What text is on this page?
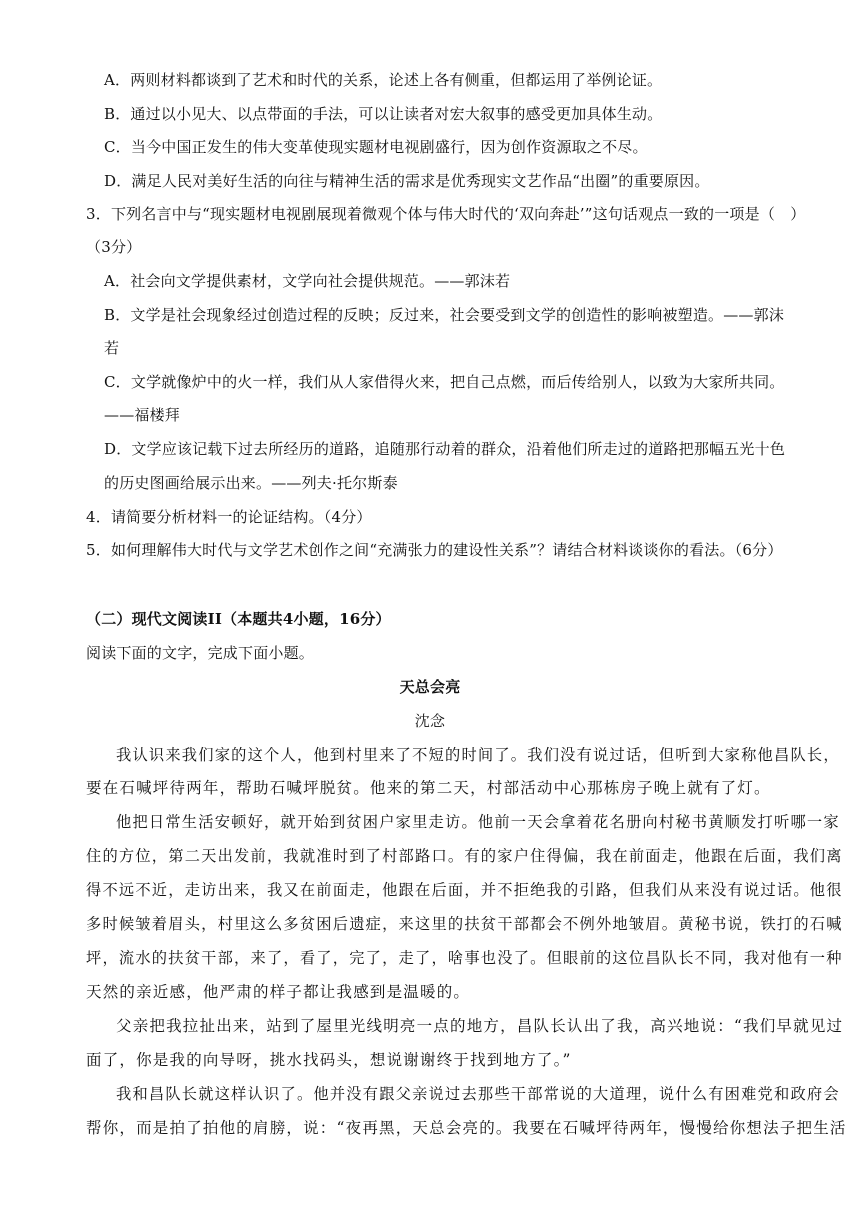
A．两则材料都谈到了艺术和时代的关系，论述上各有侧重，但都运用了举例论证。
B．通过以小见大、以点带面的手法，可以让读者对宏大叙事的感受更加具体生动。
C．当今中国正发生的伟大变革使现实题材电视剧盛行，因为创作资源取之不尽。
D．满足人民对美好生活的向往与精神生活的需求是优秀现实文艺作品“出圈”的重要原因。
3．下列名言中与“现实题材电视剧展现着微观个体与伟大时代的‘双向奔赴’”这句话观点一致的一项是（　）
（3分）
A．社会向文学提供素材，文学向社会提供规范。——郭沫若
B．文学是社会现象经过创造过程的反映；反过来，社会要受到文学的创造性的影响被塑造。——郭沫
若
C．文学就像炉中的火一样，我们从人家借得火来，把自己点燃，而后传给别人，以致为大家所共同。
——福楼拜
D．文学应该记载下过去所经历的道路，追随那行动着的群众，沿着他们所走过的道路把那幅五光十色
的历史图画给展示出来。——列夫·托尔斯泰
4．请简要分析材料一的论证结构。（4分）
5．如何理解伟大时代与文学艺术创作之间“充满张力的建设性关系”？请结合材料谈谈你的看法。（6分）
（二）现代文阅读II（本题共4小题，16分）
阅读下面的文字，完成下面小题。
天总会亮
沈念
我认识来我们家的这个人，他到村里来了不短的时间了。我们没有说过话，但听到大家称他昌队长，
要在石喊坪待两年，帮助石喊坪脱贫。他来的第二天，村部活动中心那栋房子晚上就有了灯。
他把日常生活安顿好，就开始到贫困户家里走访。他前一天会拿着花名册向村秘书黄顺发打听哪一家
住的方位，第二天出发前，我就准时到了村部路口。有的家户住得偏，我在前面走，他跟在后面，我们离
得不远不近，走访出来，我又在前面走，他跟在后面，并不拒绝我的引路，但我们从来没有说过话。他很
多时候皱着眉头，村里这么多贫困后遗症，来这里的扶贫干部都会不例外地皱眉。黄秘书说，铁打的石喊
坪，流水的扶贫干部，来了，看了，完了，走了，啥事也没了。但眼前的这位昌队长不同，我对他有一种
天然的亲近感，他严肃的样子都让我感到是温暖的。
父亲把我拉扯出来，站到了屋里光线明亮一点的地方，昌队长认出了我，高兴地说：“我们早就见过
面了，你是我的向导呀，挑水找码头，想说谢谢终于找到地方了。”
我和昌队长就这样认识了。他并没有跟父亲说过去那些干部常说的大道理，说什么有困难党和政府会
帮你，而是拍了拍他的肩膀，说：“夜再黑，天总会亮的。我要在石喊坪待两年，慢慢给你想法子把生活
